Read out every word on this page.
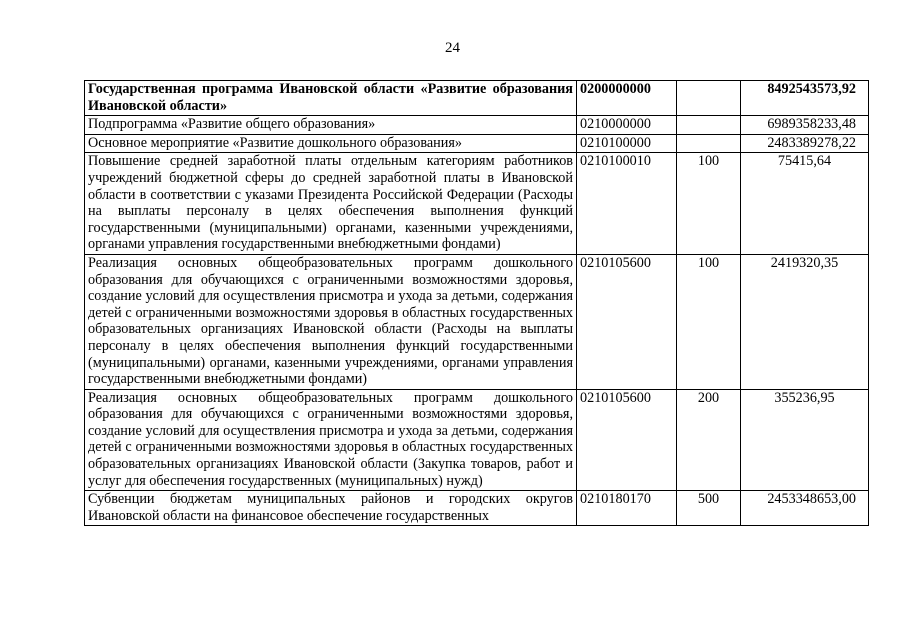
24
Государственная программа Ивановской области «Развитие образования Ивановской области»	0200000000		8492543573,92
Подпрограмма «Развитие общего образования»	0210000000		6989358233,48
Основное мероприятие «Развитие дошкольного образования»	0210100000		2483389278,22
Повышение средней заработной платы отдельным категориям работников учреждений бюджетной сферы до средней заработной платы в Ивановской области в соответствии с указами Президента Российской Федерации (Расходы на выплаты персоналу в целях обеспечения выполнения функций государственными (муниципальными) органами, казенными учреждениями, органами управления государственными внебюджетными фондами)	0210100010	100	75415,64
Реализация основных общеобразовательных программ дошкольного образования для обучающихся с ограниченными возможностями здоровья, создание условий для осуществления присмотра и ухода за детьми, содержания детей с ограниченными возможностями здоровья в областных государственных образовательных организациях Ивановской области (Расходы на выплаты персоналу в целях обеспечения выполнения функций государственными (муниципальными) органами, казенными учреждениями, органами управления государственными внебюджетными фондами)	0210105600	100	2419320,35
Реализация основных общеобразовательных программ дошкольного образования для обучающихся с ограниченными возможностями здоровья, создание условий для осуществления присмотра и ухода за детьми, содержания детей с ограниченными возможностями здоровья в областных государственных образовательных организациях Ивановской области (Закупка товаров, работ и услуг для обеспечения государственных (муниципальных) нужд)	0210105600	200	355236,95

Субвенции бюджетам муниципальных районов и городских округов Ивановской области на финансовое обеспечение государственных	0210180170	500	2453348653,00
